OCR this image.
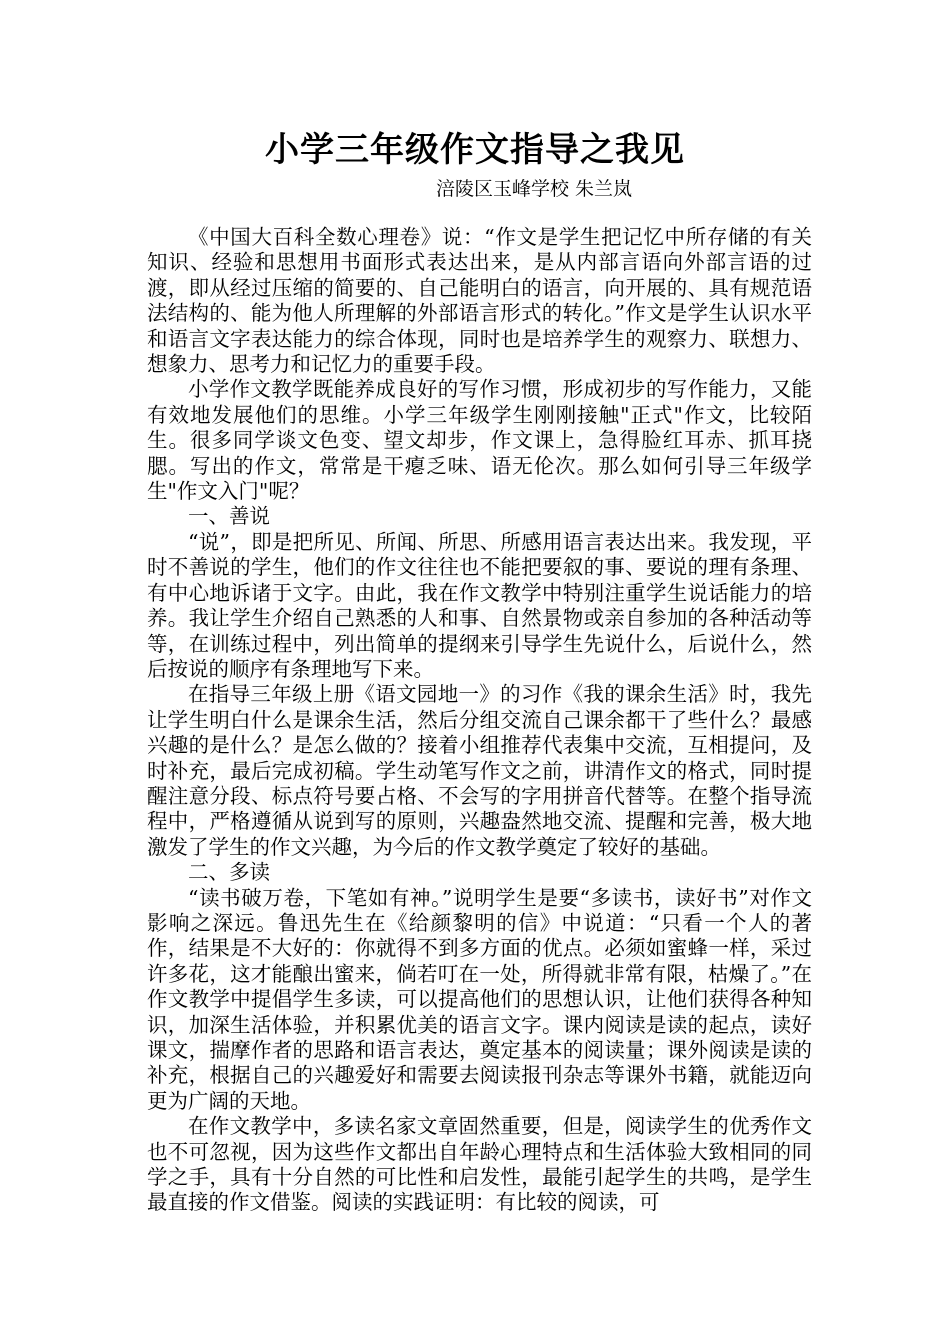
小学三年级作文指导之我见
涪陵区玉峰学校 朱兰岚

《中国大百科全数心理卷》说：“作文是学生把记忆中所存储的有关知识、经验和思想用书面形式表达出来，是从内部言语向外部言语的过渡，即从经过压缩的简要的、自己能明白的语言，向开展的、具有规范语法结构的、能为他人所理解的外部语言形式的转化。”作文是学生认识水平和语言文字表达能力的综合体现，同时也是培养学生的观察力、联想力、想象力、思考力和记忆力的重要手段。

小学作文教学既能养成良好的写作习惯，形成初步的写作能力，又能有效地发展他们的思维。小学三年级学生刚刚接触"正式"作文，比较陌生。很多同学谈文色变、望文却步，作文课上，急得脸红耳赤、抓耳挠腮。写出的作文，常常是干瘪乏味、语无伦次。那么如何引导三年级学生"作文入门"呢？

一、善说

“说”，即是把所见、所闻、所思、所感用语言表达出来。我发现，平时不善说的学生，他们的作文往往也不能把要叙的事、要说的理有条理、有中心地诉诸于文字。由此，我在作文教学中特别注重学生说话能力的培养。我让学生介绍自己熟悉的人和事、自然景物或亲自参加的各种活动等等，在训练过程中，列出简单的提纲来引导学生先说什么，后说什么，然后按说的顺序有条理地写下来。

在指导三年级上册《语文园地一》的习作《我的课余生活》时，我先让学生明白什么是课余生活，然后分组交流自己课余都干了些什么？最感兴趣的是什么？是怎么做的？接着小组推荐代表集中交流，互相提问，及时补充，最后完成初稿。学生动笔写作文之前，讲清作文的格式，同时提醒注意分段、标点符号要占格、不会写的字用拼音代替等。在整个指导流程中，严格遵循从说到写的原则，兴趣盎然地交流、提醒和完善，极大地激发了学生的作文兴趣，为今后的作文教学奠定了较好的基础。

二、多读

“读书破万卷，下笔如有神。”说明学生是要“多读书，读好书”对作文影响之深远。鲁迅先生在《给颜黎明的信》中说道：“只看一个人的著作，结果是不大好的：你就得不到多方面的优点。必须如蜜蜂一样，采过许多花，这才能酿出蜜来，倘若叮在一处，所得就非常有限，枯燥了。”在作文教学中提倡学生多读，可以提高他们的思想认识，让他们获得各种知识，加深生活体验，并积累优美的语言文字。课内阅读是读的起点，读好课文，揣摩作者的思路和语言表达，奠定基本的阅读量；课外阅读是读的补充，根据自己的兴趣爱好和需要去阅读报刊杂志等课外书籍，就能迈向更为广阔的天地。

在作文教学中，多读名家文章固然重要，但是，阅读学生的优秀作文也不可忽视，因为这些作文都出自年龄心理特点和生活体验大致相同的同学之手，具有十分自然的可比性和启发性，最能引起学生的共鸣，是学生最直接的作文借鉴。阅读的实践证明：有比较的阅读，可
